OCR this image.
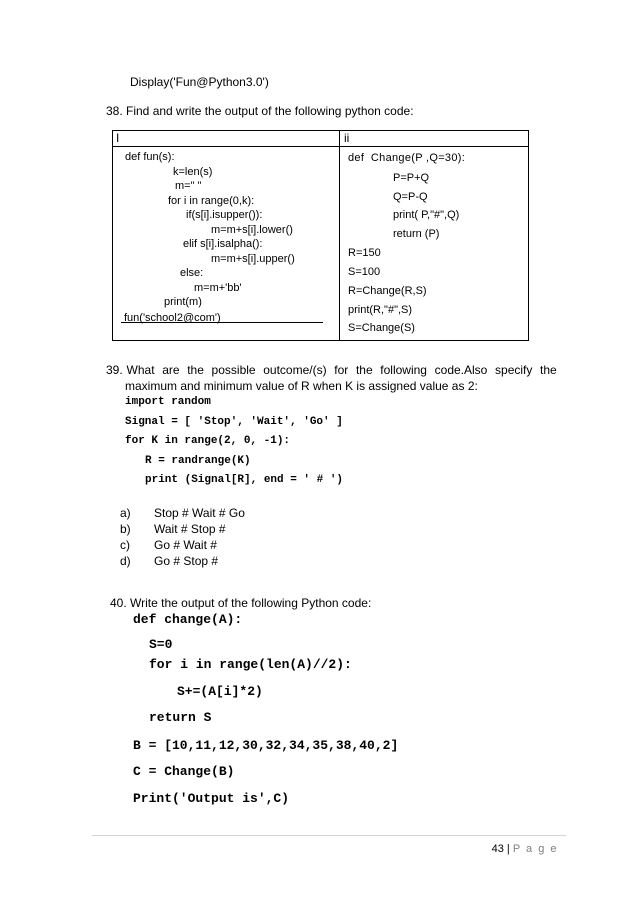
Display('Fun@Python3.0')
38. Find and write the output of the following python code:
I	ii
def fun(s):
k=len(s)
m=" "
for i in range(0,k):
if(s[i].isupper()):
m=m+s[i].lower()
elif s[i].isalpha():
m=m+s[i].upper()
else:
m=m+'bb'
print(m)
fun('school2@com')
def  Change(P ,Q=30):
P=P+Q
Q=P-Q
print( P,"#",Q)
return (P)
R=150
S=100
R=Change(R,S)
print(R,"#",S)
S=Change(S)
39. What  are  the  possible  outcome/(s)  for  the  following  code.Also  specify  the
maximum and minimum value of R when K is assigned value as 2:
import random
Signal = [ 'Stop', 'Wait', 'Go' ]
for K in range(2, 0, -1):
R = randrange(K)
print (Signal[R], end = ' # ')
a) Stop # Wait # Go
b) Wait # Stop #
c) Go # Wait #
d) Go # Stop #
40. Write the output of the following Python code:
def change(A):
S=0
for i in range(len(A)//2):
S+=(A[i]*2)
return S
B = [10,11,12,30,32,34,35,38,40,2]
C = Change(B)
Print('Output is',C)
43 | P a g e
